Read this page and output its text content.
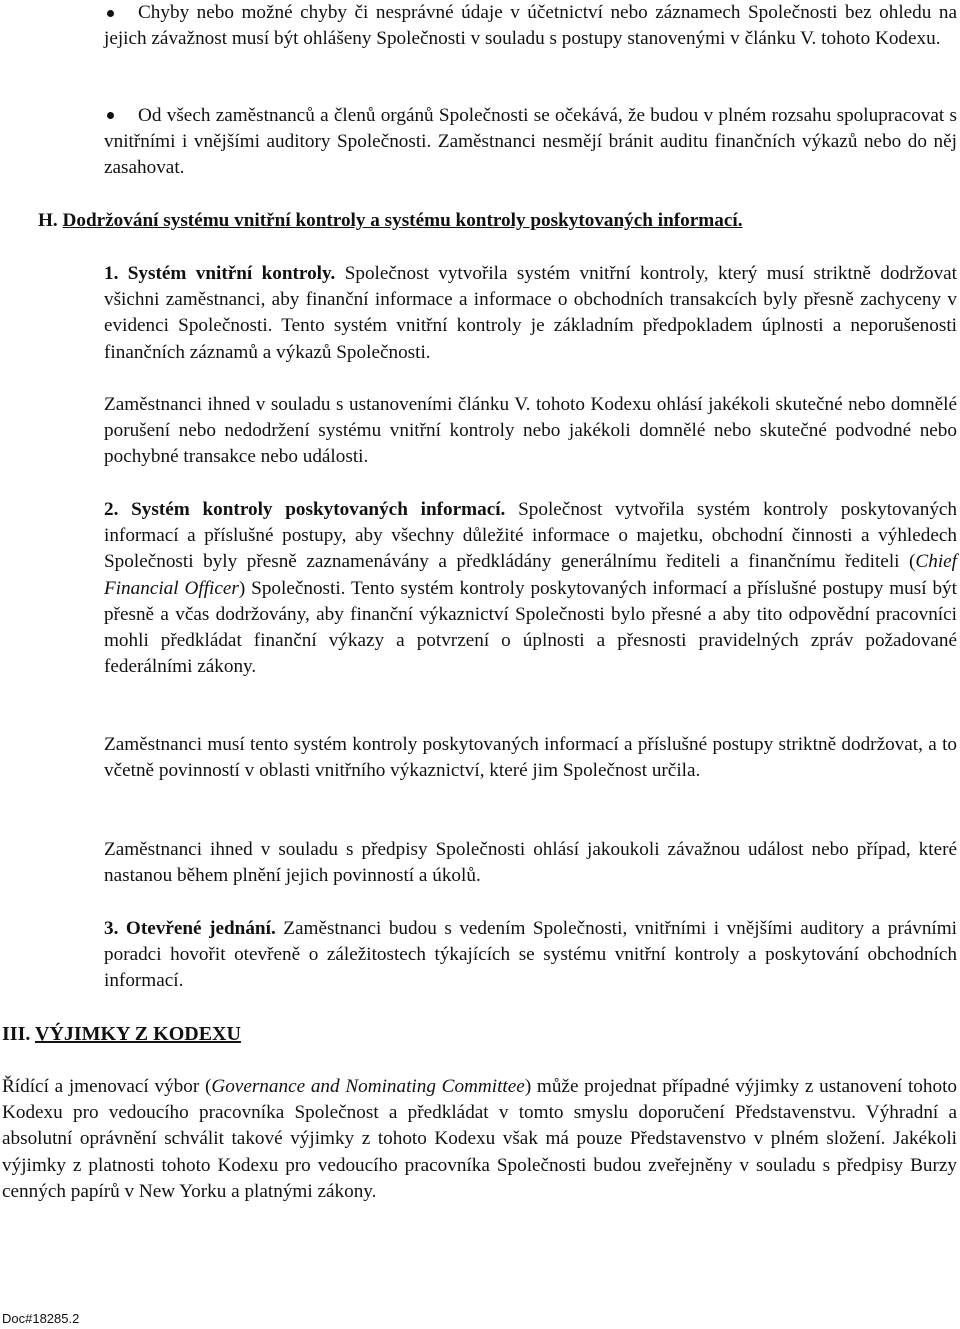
Chyby nebo možné chyby či nesprávné údaje v účetnictví nebo záznamech Společnosti bez ohledu na jejich závažnost musí být ohlášeny Společnosti v souladu s postupy stanovenými v článku V. tohoto Kodexu.

Od všech zaměstnanců a členů orgánů Společnosti se očekává, že budou v plném rozsahu spolupracovat s vnitřními i vnějšími auditory Společnosti. Zaměstnanci nesmějí bránit auditu finančních výkazů nebo do něj zasahovat.

H. Dodržování systému vnitřní kontroly a systému kontroly poskytovaných informací.

1. Systém vnitřní kontroly. Společnost vytvořila systém vnitřní kontroly, který musí striktně dodržovat všichni zaměstnanci, aby finanční informace a informace o obchodních transakcích byly přesně zachyceny v evidenci Společnosti. Tento systém vnitřní kontroly je základním předpokladem úplnosti a neporušenosti finančních záznamů a výkazů Společnosti.

Zaměstnanci ihned v souladu s ustanoveními článku V. tohoto Kodexu ohlásí jakékoli skutečné nebo domnělé porušení nebo nedodržení systému vnitřní kontroly nebo jakékoli domnělé nebo skutečné podvodné nebo pochybné transakce nebo události.

2. Systém kontroly poskytovaných informací. Společnost vytvořila systém kontroly poskytovaných informací a příslušné postupy, aby všechny důležité informace o majetku, obchodní činnosti a výhledech Společnosti byly přesně zaznamenávány a předkládány generálnímu řediteli a finančnímu řediteli (Chief Financial Officer) Společnosti. Tento systém kontroly poskytovaných informací a příslušné postupy musí být přesně a včas dodržovány, aby finanční výkaznictví Společnosti bylo přesné a aby tito odpovědní pracovníci mohli předkládat finanční výkazy a potvrzení o úplnosti a přesnosti pravidelných zpráv požadované federálními zákony.

Zaměstnanci musí tento systém kontroly poskytovaných informací a příslušné postupy striktně dodržovat, a to včetně povinností v oblasti vnitřního výkaznictví, které jim Společnost určila.

Zaměstnanci ihned v souladu s předpisy Společnosti ohlásí jakoukoli závažnou událost nebo případ, které nastanou během plnění jejich povinností a úkolů.

3. Otevřené jednání. Zaměstnanci budou s vedením Společnosti, vnitřními i vnějšími auditory a právními poradci hovořit otevřeně o záležitostech týkajících se systému vnitřní kontroly a poskytování obchodních informací.

III. VÝJIMKY Z KODEXU

Řídící a jmenovací výbor (Governance and Nominating Committee) může projednat případné výjimky z ustanovení tohoto Kodexu pro vedoucího pracovníka Společnost a předkládat v tomto smyslu doporučení Představenstvu. Výhradní a absolutní oprávnění schválit takové výjimky z tohoto Kodexu však má pouze Představenstvo v plném složení. Jakékoli výjimky z platnosti tohoto Kodexu pro vedoucího pracovníka Společnosti budou zveřejněny v souladu s předpisy Burzy cenných papírů v New Yorku a platnými zákony.

Doc#18285.2
